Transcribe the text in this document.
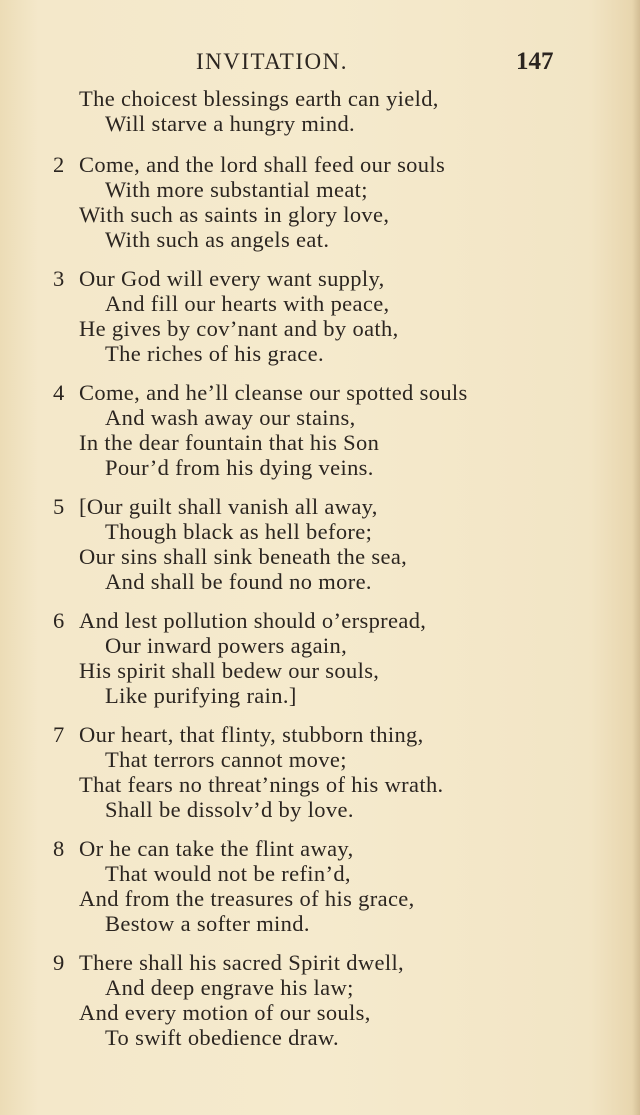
INVITATION.	147
The choicest blessings earth can yield,
Will starve a hungry mind.
2 Come, and the lord shall feed our souls
With more substantial meat;
With such as saints in glory love,
With such as angels eat.
3 Our God will every want supply,
And fill our hearts with peace,
He gives by cov’nant and by oath,
The riches of his grace.
4 Come, and he’ll cleanse our spotted souls
And wash away our stains,
In the dear fountain that his Son
Pour’d from his dying veins.
5 [Our guilt shall vanish all away,
Though black as hell before;
Our sins shall sink beneath the sea,
And shall be found no more.
6 And lest pollution should o’erspread,
Our inward powers again,
His spirit shall bedew our souls,
Like purifying rain.]
7 Our heart, that flinty, stubborn thing,
That terrors cannot move;
That fears no threat’nings of his wrath.
Shall be dissolv’d by love.
8 Or he can take the flint away,
That would not be refin’d,
And from the treasures of his grace,
Bestow a softer mind.
9 There shall his sacred Spirit dwell,
And deep engrave his law;
And every motion of our souls,
To swift obedience draw.
